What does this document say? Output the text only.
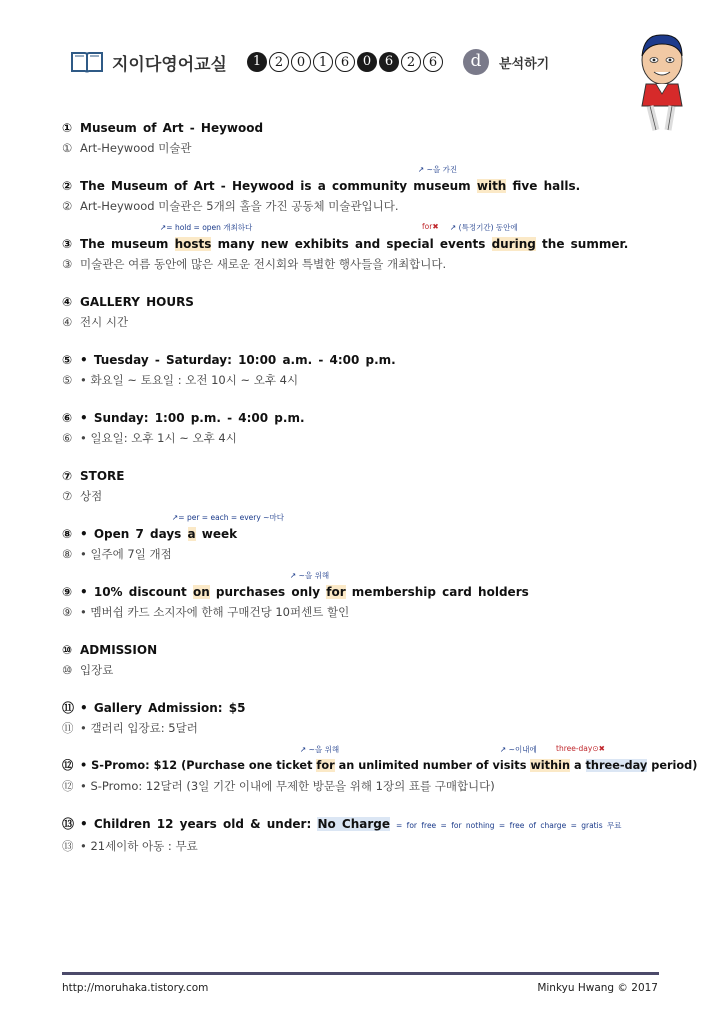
지이다영어교실	1	2	0	1	6	0	6	2	6	d	분석하기
① Museum of Art - Heywood
① Art-Heywood 미술관
② The Museum of Art - Heywood is a community museum with five halls.
↗ ~을 가진
② Art-Heywood 미술관은 5개의 홀을 가진 공동체 미술관입니다.
③ The museum hosts many new exhibits and special events during the summer.
↗= hold = open 개최하다	for✖ ↗ (특정기간) 동안에
③ 미술관은 여름 동안에 많은 새로운 전시회와 특별한 행사들을 개최합니다.
④ GALLERY HOURS
④ 전시 시간
⑤ • Tuesday - Saturday: 10:00 a.m. - 4:00 p.m.
⑤ • 화요일 ~ 토요일 : 오전 10시 ~ 오후 4시
⑥ • Sunday: 1:00 p.m. - 4:00 p.m.
⑥ • 일요일: 오후 1시 ~ 오후 4시
⑦ STORE
⑦ 상점
⑧ • Open 7 days a week
↗= per = each = every ~마다
⑧ • 일주에 7일 개점
⑨ • 10% discount on purchases only for membership card holders
↗ ~을 위해
⑨ • 멤버쉽 카드 소지자에 한해 구매건당 10퍼센트 할인
⑩ ADMISSION
⑩ 입장료
⑪ • Gallery Admission: $5
⑪ • 갤러리 입장료: 5달러
⑫ • S-Promo: $12 (Purchase one ticket for an unlimited number of visits within a three-day period)
↗ ~을 위해	↗ ~이내에	three-day⊙✖
⑫ • S-Promo: 12달러 (3일 기간 이내에 무제한 방문을 위해 1장의 표를 구매합니다)
⑬ • Children 12 years old & under: No Charge = for free = for nothing = free of charge = gratis 무료
⑬ • 21세이하 아동 : 무료
http://moruhaka.tistory.com	Minkyu Hwang © 2017
